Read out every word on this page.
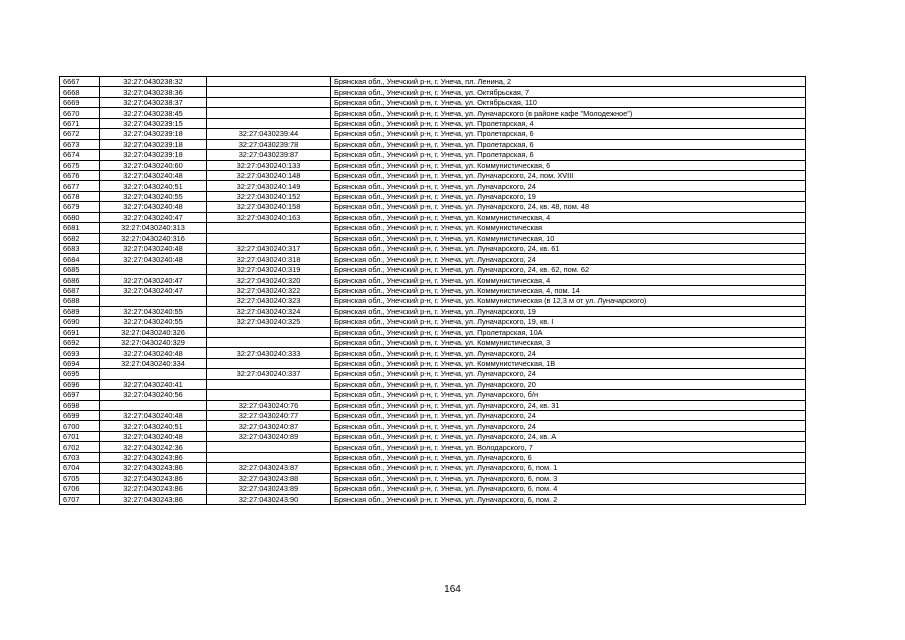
6667	32:27:0430238:32		Брянская обл., Унечский р-н, г. Унеча, пл. Ленина, 2
6668	32:27:0430238:36		Брянская обл., Унечский р-н, г. Унеча, ул. Октябрьская, 7
6669	32:27:0430238:37		Брянская обл., Унечский р-н, г. Унеча, ул. Октябрьская, 110
6670	32:27:0430238:45		Брянская обл., Унечский р-н, г. Унеча, ул. Луначарского (в районе кафе "Молодежное")
6671	32:27:0430239:15		Брянская обл., Унечский р-н, г. Унеча, ул. Пролетарская, 4
6672	32:27:0430239:18	32:27:0430239:44	Брянская обл., Унечский р-н, г. Унеча, ул. Пролетарская, 6
6673	32:27:0430239:18	32:27:0430239:78	Брянская обл., Унечский р-н, г. Унеча, ул. Пролетарская, 6
6674	32:27:0430239:18	32:27:0430239:87	Брянская обл., Унечский р-н, г. Унеча, ул. Пролетарская, 6
6675	32:27:0430240:60	32:27:0430240:133	Брянская обл., Унечский р-н, г. Унеча, ул. Коммунистическая, 6
6676	32:27:0430240:48	32:27:0430240:148	Брянская обл., Унечский р-н, г. Унеча, ул. Луначарского, 24, пом. XVIII
6677	32:27:0430240:51	32:27:0430240:149	Брянская обл., Унечский р-н, г. Унеча, ул. Луначарского, 24
6678	32:27:0430240:55	32:27:0430240:152	Брянская обл., Унечский р-н, г. Унеча, ул. Луначарского, 19
6679	32:27:0430240:48	32:27:0430240:158	Брянская обл., Унечский р-н, г. Унеча, ул. Луначарского, 24, кв. 48, пом. 48
6680	32:27:0430240:47	32:27:0430240:163	Брянская обл., Унечский р-н, г. Унеча, ул. Коммунистическая, 4
6681	32:27:0430240:313		Брянская обл., Унечский р-н, г. Унеча, ул. Коммунистическая
6682	32:27:0430240:316		Брянская обл., Унечский р-н, г. Унеча, ул. Коммунистическая, 10
6683	32:27:0430240:48	32:27:0430240:317	Брянская обл., Унечский р-н, г. Унеча, ул. Луначарского, 24, кв. 61
6684	32:27:0430240:48	32:27:0430240:318	Брянская обл., Унечский р-н, г. Унеча, ул. Луначарского, 24
6685		32:27:0430240:319	Брянская обл., Унечский р-н, г. Унеча, ул. Луначарского, 24, кв. 62, пом. 62
6686	32:27:0430240:47	32:27:0430240:320	Брянская обл., Унечский р-н, г. Унеча, ул. Коммунистическая, 4
6687	32:27:0430240:47	32:27:0430240:322	Брянская обл., Унечский р-н, г. Унеча, ул. Коммунистическая, 4, пом. 14
6688		32:27:0430240:323	Брянская обл., Унечский р-н, г. Унеча, ул. Коммунистическая (в 12,3 м от ул. Луначарского)
6689	32:27:0430240:55	32:27:0430240:324	Брянская обл., Унечский р-н, г. Унеча, ул. Луначарского, 19
6690	32:27:0430240:55	32:27:0430240:325	Брянская обл., Унечский р-н, г. Унеча, ул. Луначарского, 19, кв. I
6691	32:27:0430240:326		Брянская обл., Унечский р-н, г. Унеча, ул. Пролетарская, 10А
6692	32:27:0430240:329		Брянская обл., Унечский р-н, г. Унеча, ул. Коммунистическая, 3
6693	32:27:0430240:48	32:27:0430240:333	Брянская обл., Унечский р-н, г. Унеча, ул. Луначарского, 24
6694	32:27:0430240:334		Брянская обл., Унечский р-н, г. Унеча, ул. Коммунистическая, 1В
6695		32:27:0430240:337	Брянская обл., Унечский р-н, г. Унеча, ул. Луначарского, 24
6696	32:27:0430240:41		Брянская обл., Унечский р-н, г. Унеча, ул. Луначарского, 20
6697	32:27:0430240:56		Брянская обл., Унечский р-н, г. Унеча, ул. Луначарского, б/н
6698		32:27:0430240:76	Брянская обл., Унечский р-н, г. Унеча, ул. Луначарского, 24, кв. 31
6699	32:27:0430240:48	32:27:0430240:77	Брянская обл., Унечский р-н, г. Унеча, ул. Луначарского, 24
6700	32:27:0430240:51	32:27:0430240:87	Брянская обл., Унечский р-н, г. Унеча, ул. Луначарского, 24
6701	32:27:0430240:48	32:27:0430240:89	Брянская обл., Унечский р-н, г. Унеча, ул. Луначарского, 24, кв. А
6702	32:27:0430242:36		Брянская обл., Унечский р-н, г. Унеча, ул. Володарского, 7
6703	32:27:0430243:86		Брянская обл., Унечский р-н, г. Унеча, ул. Луначарского, 6
6704	32:27:0430243:86	32:27:0430243:87	Брянская обл., Унечский р-н, г. Унеча, ул. Луначарского, 6, пом. 1
6705	32:27:0430243:86	32:27:0430243:88	Брянская обл., Унечский р-н, г. Унеча, ул. Луначарского, 6, пом. 3
6706	32:27:0430243:86	32:27:0430243:89	Брянская обл., Унечский р-н, г. Унеча, ул. Луначарского, 6, пом. 4
6707	32:27:0430243:86	32:27:0430243:90	Брянская обл., Унечский р-н, г. Унеча, ул. Луначарского, 6, пом. 2
164
